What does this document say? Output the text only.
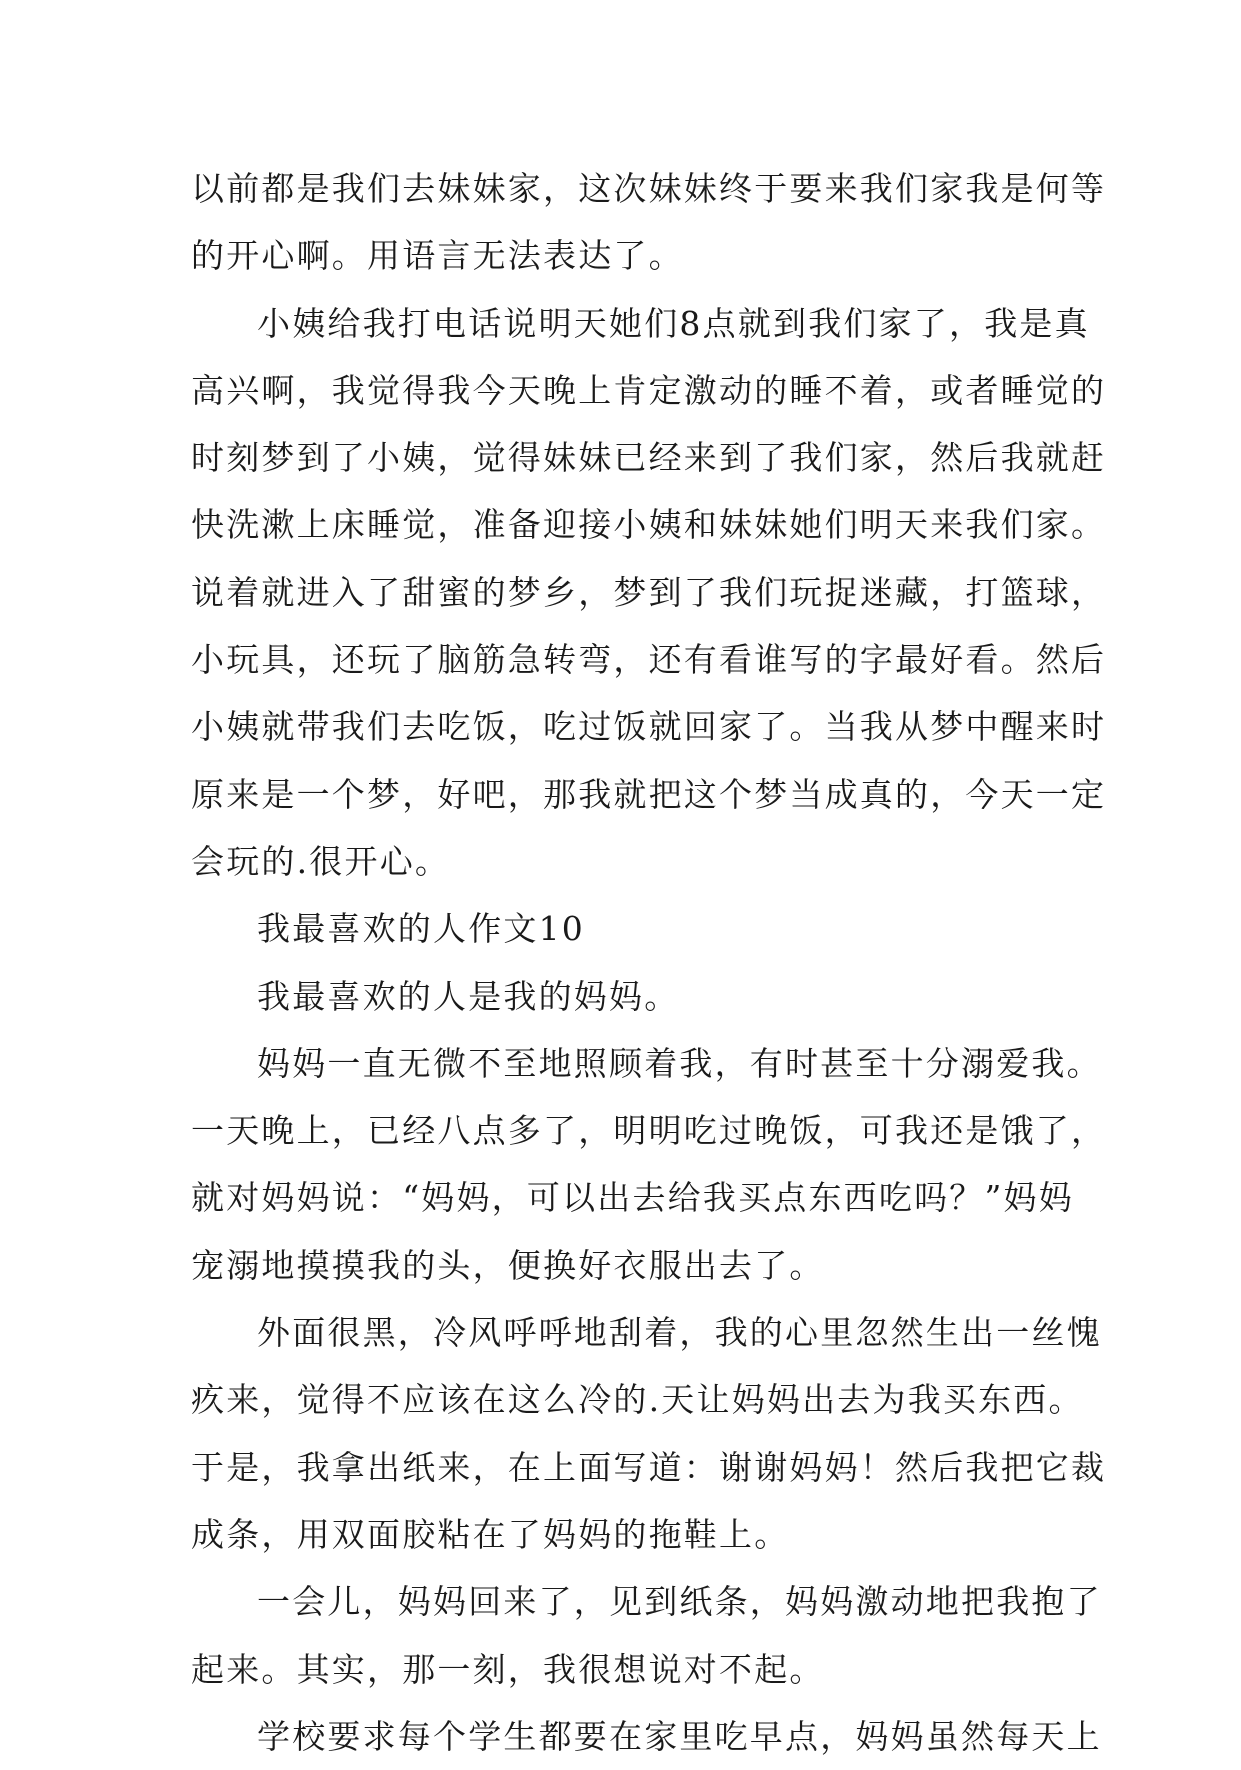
以前都是我们去妹妹家，这次妹妹终于要来我们家我是何等
的开心啊。用语言无法表达了。
小姨给我打电话说明天她们8点就到我们家了，我是真
高兴啊，我觉得我今天晚上肯定激动的睡不着，或者睡觉的
时刻梦到了小姨，觉得妹妹已经来到了我们家，然后我就赶
快洗漱上床睡觉，准备迎接小姨和妹妹她们明天来我们家。
说着就进入了甜蜜的梦乡，梦到了我们玩捉迷藏，打篮球，
小玩具，还玩了脑筋急转弯，还有看谁写的字最好看。然后
小姨就带我们去吃饭，吃过饭就回家了。当我从梦中醒来时
原来是一个梦，好吧，那我就把这个梦当成真的，今天一定
会玩的.很开心。
我最喜欢的人作文10
我最喜欢的人是我的妈妈。
妈妈一直无微不至地照顾着我，有时甚至十分溺爱我。
一天晚上，已经八点多了，明明吃过晚饭，可我还是饿了，
就对妈妈说：“妈妈，可以出去给我买点东西吃吗？”妈妈
宠溺地摸摸我的头，便换好衣服出去了。
外面很黑，冷风呼呼地刮着，我的心里忽然生出一丝愧
疚来，觉得不应该在这么冷的.天让妈妈出去为我买东西。
于是，我拿出纸来，在上面写道：谢谢妈妈！然后我把它裁
成条，用双面胶粘在了妈妈的拖鞋上。
一会儿，妈妈回来了，见到纸条，妈妈激动地把我抱了
起来。其实，那一刻，我很想说对不起。
学校要求每个学生都要在家里吃早点，妈妈虽然每天上
